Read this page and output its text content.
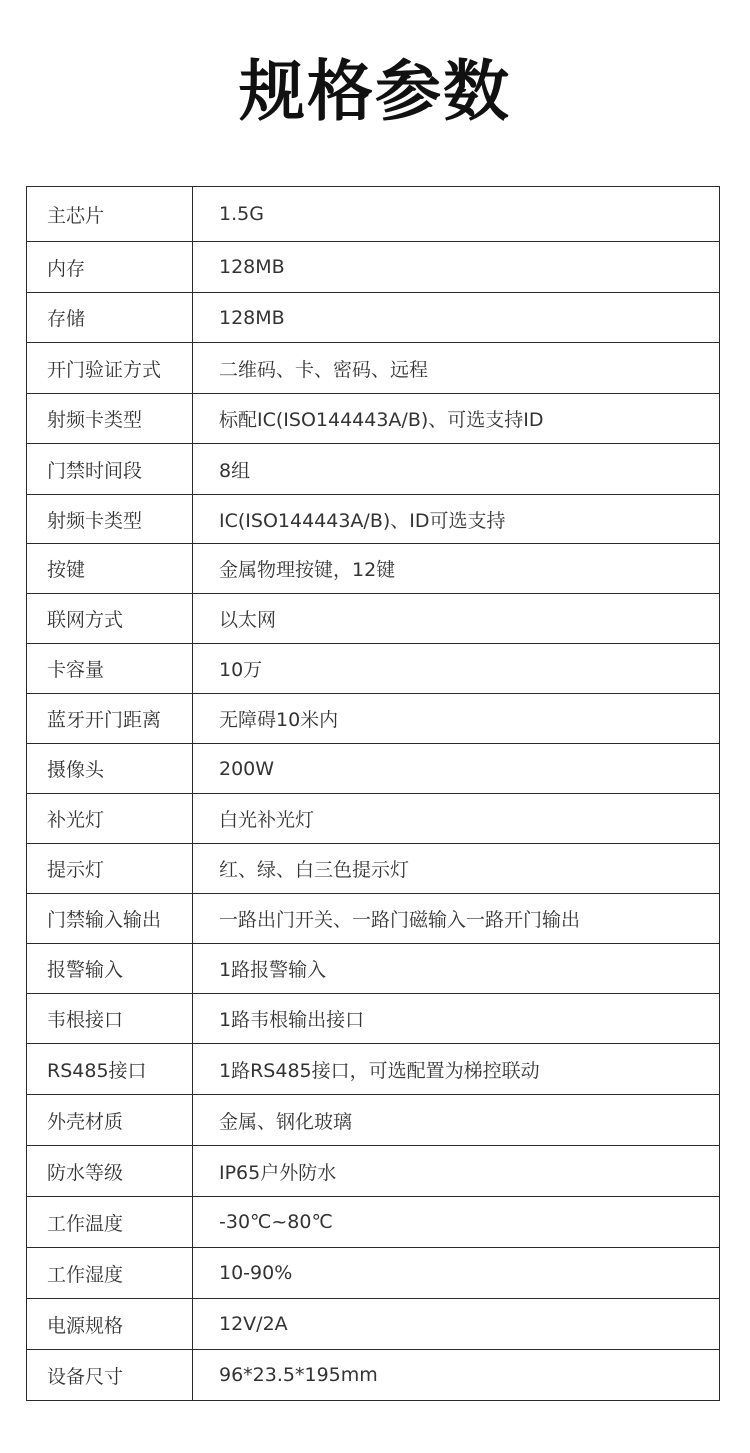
规格参数
主芯片	1.5G
内存	128MB
存储	128MB
开门验证方式	二维码、卡、密码、远程
射频卡类型	标配IC(ISO144443A/B)、可选支持ID
门禁时间段	8组
射频卡类型	IC(ISO144443A/B)、ID可选支持
按键	金属物理按键，12键
联网方式	以太网
卡容量	10万
蓝牙开门距离	无障碍10米内
摄像头	200W
补光灯	白光补光灯
提示灯	红、绿、白三色提示灯
门禁输入输出	一路出门开关、一路门磁输入一路开门输出
报警输入	1路报警输入
韦根接口	1路韦根输出接口
RS485接口	1路RS485接口，可选配置为梯控联动
外壳材质	金属、钢化玻璃
防水等级	IP65户外防水
工作温度	-30℃~80℃
工作湿度	10-90%
电源规格	12V/2A
设备尺寸	96*23.5*195mm
